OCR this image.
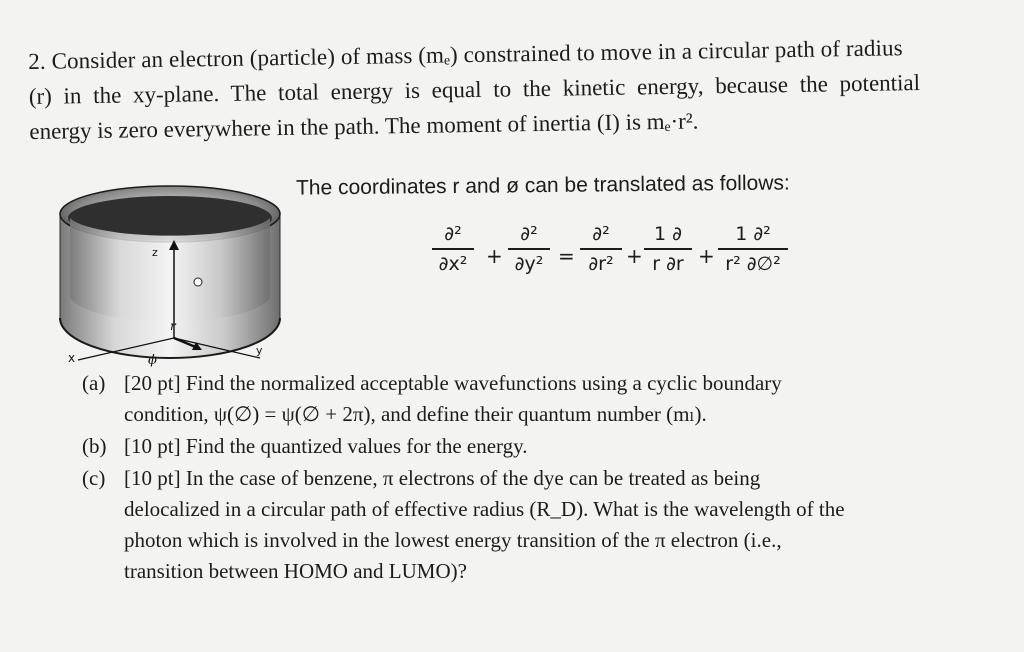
2. Consider an electron (particle) of mass (mₑ) constrained to move in a circular path of radius
(r) in the xy-plane. The total energy is equal to the kinetic energy, because the potential
energy is zero everywhere in the path. The moment of inertia (I) is mₑ·r².
z
r
x
y
ϕ
The coordinates r and ø can be translated as follows:
∂²
∂x² +
∂²
∂y² =
∂²
∂r² +
1 ∂
r ∂r +
1 ∂²
r² ∂∅²
(a) [20 pt] Find the normalized acceptable wavefunctions using a cyclic boundary
condition, ψ(∅) = ψ(∅ + 2π), and define their quantum number (mₗ).
(b) [10 pt] Find the quantized values for the energy.
(c) [10 pt] In the case of benzene, π electrons of the dye can be treated as being
delocalized in a circular path of effective radius (R_D). What is the wavelength of the
photon which is involved in the lowest energy transition of the π electron (i.e.,
transition between HOMO and LUMO)?
